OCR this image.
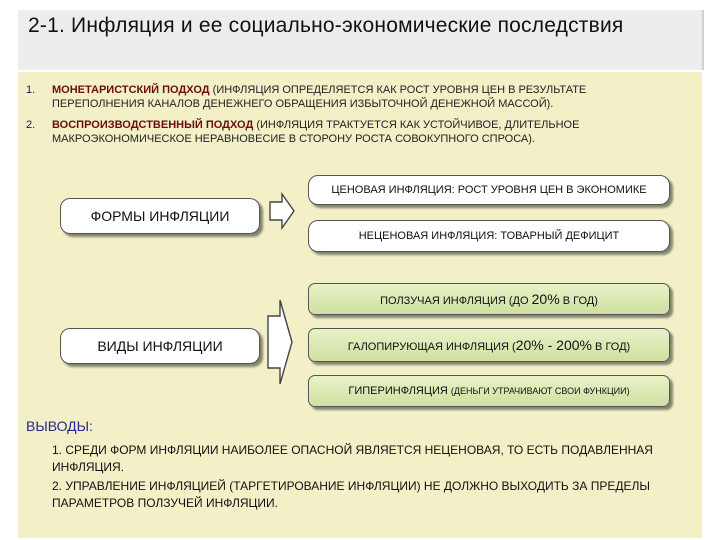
2-1. Инфляция и ее социально-экономические последствия
1. МОНЕТАРИСТСКИЙ ПОДХОД (ИНФЛЯЦИЯ ОПРЕДЕЛЯЕТСЯ КАК РОСТ УРОВНЯ ЦЕН В РЕЗУЛЬТАТЕ ПЕРЕПОЛНЕНИЯ КАНАЛОВ ДЕНЕЖНЕГО ОБРАЩЕНИЯ ИЗБЫТОЧНОЙ ДЕНЕЖНОЙ МАССОЙ).
2. ВОСПРОИЗВОДСТВЕННЫЙ ПОДХОД (ИНФЛЯЦИЯ ТРАКТУЕТСЯ КАК УСТОЙЧИВОЕ, ДЛИТЕЛЬНОЕ МАКРОЭКОНОМИЧЕСКОЕ НЕРАВНОВЕСИЕ В СТОРОНУ РОСТА СОВОКУПНОГО СПРОСА).
ФОРМЫ ИНФЛЯЦИИ
ЦЕНОВАЯ ИНФЛЯЦИЯ: РОСТ УРОВНЯ ЦЕН В ЭКОНОМИКЕ
НЕЦЕНОВАЯ ИНФЛЯЦИЯ: ТОВАРНЫЙ ДЕФИЦИТ
ВИДЫ ИНФЛЯЦИИ
ПОЛЗУЧАЯ ИНФЛЯЦИЯ (ДО 20% В ГОД)
ГАЛОПИРУЮЩАЯ ИНФЛЯЦИЯ (20% - 200% В ГОД)
ГИПЕРИНФЛЯЦИЯ (ДЕНЬГИ УТРАЧИВАЮТ СВОИ ФУНКЦИИ)
ВЫВОДЫ:
1. СРЕДИ ФОРМ ИНФЛЯЦИИ НАИБОЛЕЕ ОПАСНОЙ ЯВЛЯЕТСЯ НЕЦЕНОВАЯ, ТО ЕСТЬ ПОДАВЛЕННАЯ ИНФЛЯЦИЯ.
2. УПРАВЛЕНИЕ ИНФЛЯЦИЕЙ (ТАРГЕТИРОВАНИЕ ИНФЛЯЦИИ) НЕ ДОЛЖНО ВЫХОДИТЬ ЗА ПРЕДЕЛЫ ПАРАМЕТРОВ ПОЛЗУЧЕЙ ИНФЛЯЦИИ.
